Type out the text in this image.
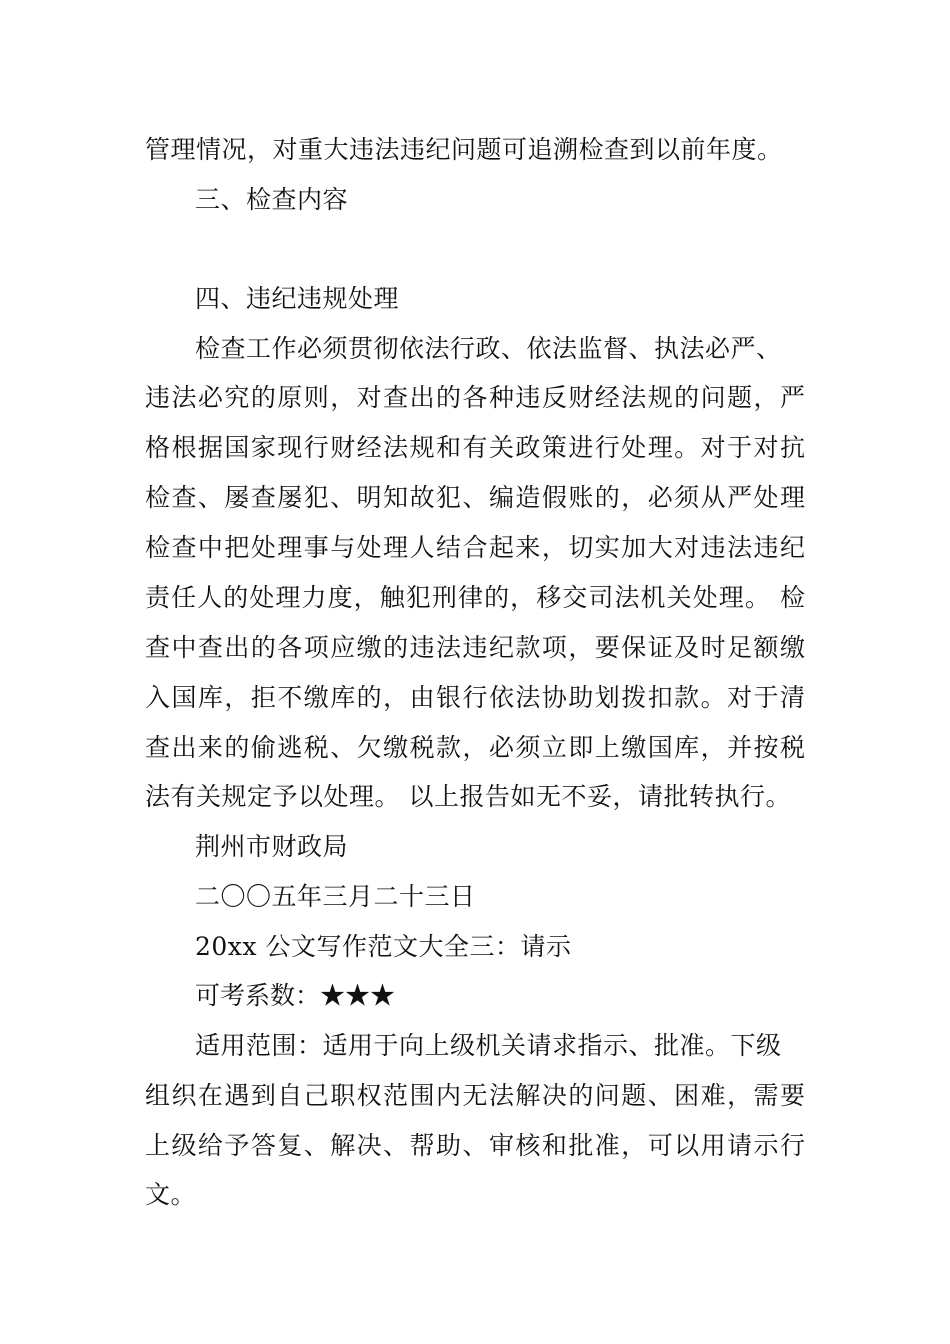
管理情况，对重大违法违纪问题可追溯检查到以前年度。
三、检查内容
四、违纪违规处理
检查工作必须贯彻依法行政、依法监督、执法必严、
违法必究的原则，对查出的各种违反财经法规的问题，严
格根据国家现行财经法规和有关政策进行处理。对于对抗
检查、屡查屡犯、明知故犯、编造假账的，必须从严处理
检查中把处理事与处理人结合起来，切实加大对违法违纪
责任人的处理力度，触犯刑律的，移交司法机关处理。 检
查中查出的各项应缴的违法违纪款项，要保证及时足额缴
入国库，拒不缴库的，由银行依法协助划拨扣款。对于清
查出来的偷逃税、欠缴税款，必须立即上缴国库，并按税
法有关规定予以处理。 以上报告如无不妥，请批转执行。
荆州市财政局
二〇〇五年三月二十三日
20xx 公文写作范文大全三：请示
可考系数：★★★
适用范围：适用于向上级机关请求指示、批准。下级
组织在遇到自己职权范围内无法解决的问题、困难，需要
上级给予答复、解决、帮助、审核和批准，可以用请示行
文。
